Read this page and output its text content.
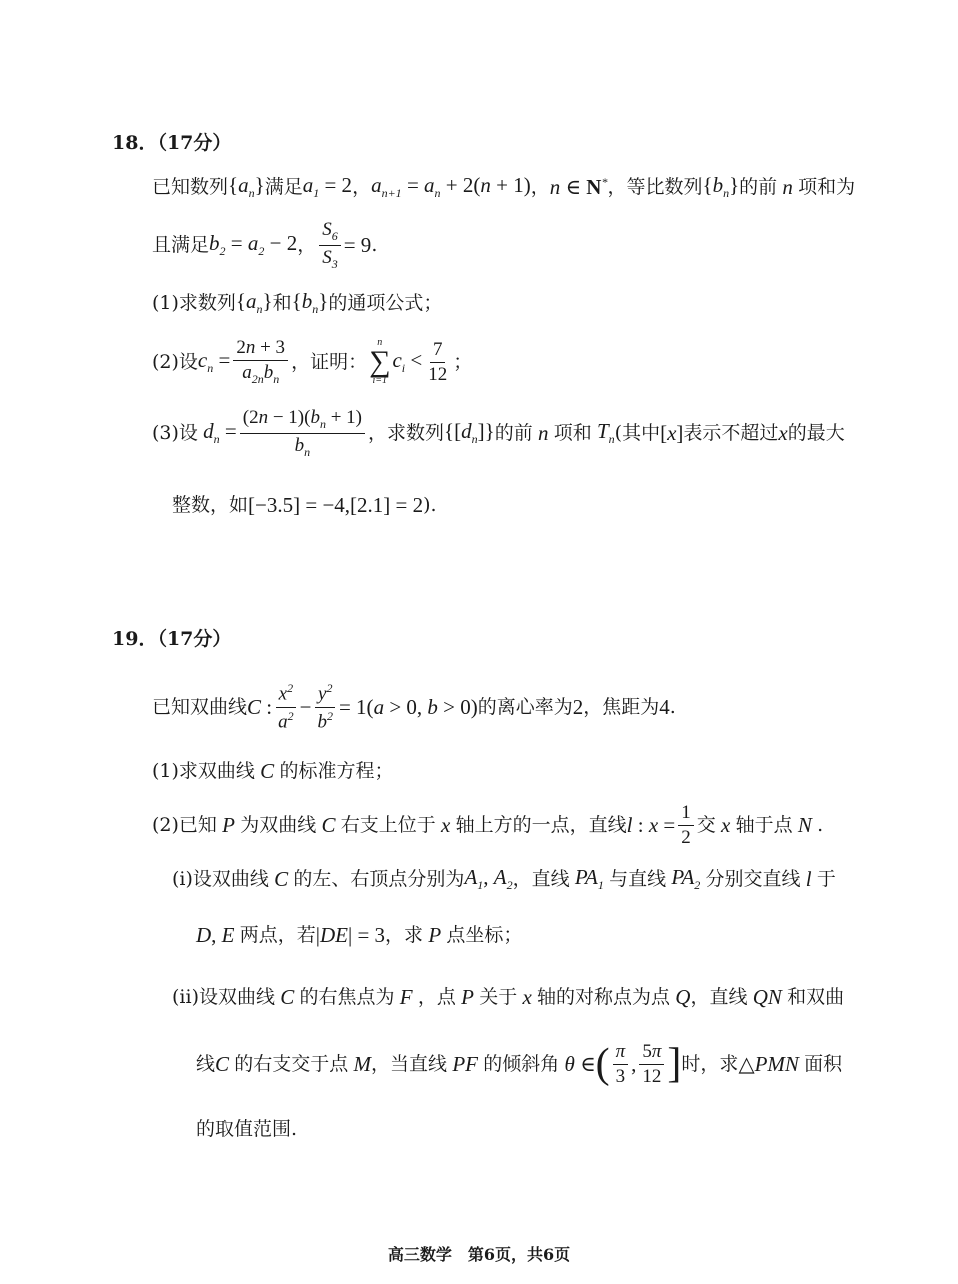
18．（17分）
已知数列 $\{a_n\}$ 满足 $a_1 = 2$ ， $a_{n+1} = a_n + 2(n + 1)$ ， n ∈ N* ，等比数列 $\{b_n\}$ 的前 n 项和为
且满足 $b_2 = a_2 - 2$ ， $\frac{S_6}{S_3} = 9$ .
(1)求数列 $\{a_n\}$ 和 $\{b_n\}$ 的通项公式；
(2)设 $c_n = \frac{2n + 3}{a_{2n}b_n}$ ，证明：
n
∑
i=1
$c_i < \frac{7}{12}$ ；
(3)设 $d_n = \frac{(2n - 1)(b_n + 1)}{b_n}$ ，求数列 $\{[d_n]\}$ 的前 n 项和 $T_n$ (其中 [x] 表示不超过 x 的最大
整数，如 [−3.5] = −4,[2.1] = 2 ).
19．（17分）
已知双曲线 C : $\frac{x^2}{a^2} - \frac{y^2}{b^2} = 1(a > 0$, b > 0) 的离心率为 2 ，焦距为 4 .
(1)求双曲线 C 的标准方程；
(2)已知 P 为双曲线 C 右支上位于 x 轴上方的一点，直线 l : $x = \frac{1}{2}$ 交 x 轴于点 N .
(i)设双曲线 C 的左、右顶点分别为 $A_1$, $A_2$ ，直线 $PA_1$ 与直线 $PA_2$ 分别交直线 l 于
D, E 两点，若 |DE| = 3 ，求 P 点坐标；
(ii)设双曲线 C 的右焦点为 F ，点 P 关于 x 轴的对称点为点 Q ，直线 QN 和双曲
线 C 的右支交于点 M ，当直线 PF 的倾斜角 θ ∈ ( $\frac{\pi}{3}$ , $\frac{5\pi}{12}$ ] 时，求 △PMN 面积
的取值范围.
高三数学　第6页，共6页
